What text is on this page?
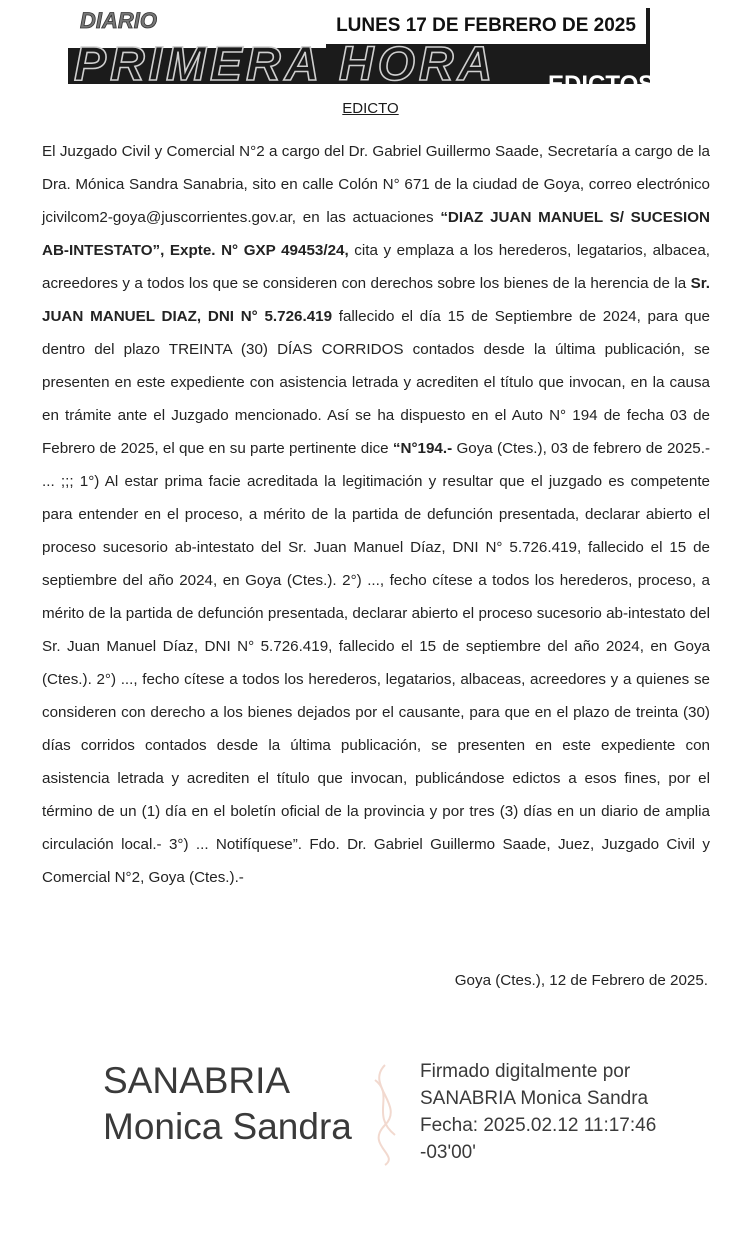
DIARIO
PRIMERA HORA EDICTOS
LUNES 17 DE FEBRERO DE 2025
EDICTO
El Juzgado Civil y Comercial N°2 a cargo del Dr. Gabriel Guillermo Saade, Secretaría a cargo de la Dra. Mónica Sandra Sanabria, sito en calle Colón N° 671 de la ciudad de Goya, correo electrónico jcivilcom2-goya@juscorrientes.gov.ar, en las actuaciones “DIAZ JUAN MANUEL S/ SUCESION AB-INTESTATO”, Expte. N° GXP 49453/24, cita y emplaza a los herederos, legatarios, albacea, acreedores y a todos los que se consideren con derechos sobre los bienes de la herencia de la Sr. JUAN MANUEL DIAZ, DNI N° 5.726.419 fallecido el día 15 de Septiembre de 2024, para que dentro del plazo TREINTA (30) DÍAS CORRIDOS contados desde la última publicación, se presenten en este expediente con asistencia letrada y acrediten el título que invocan, en la causa en trámite ante el Juzgado mencionado. Así se ha dispuesto en el Auto N° 194 de fecha 03 de Febrero de 2025, el que en su parte pertinente dice “N°194.- Goya (Ctes.), 03 de febrero de 2025.- ... ;;; 1°) Al estar prima facie acreditada la legitimación y resultar que el juzgado es competente para entender en el proceso, a mérito de la partida de defunción presentada, declarar abierto el proceso sucesorio ab-intestato del Sr. Juan Manuel Díaz, DNI N° 5.726.419, fallecido el 15 de septiembre del año 2024, en Goya (Ctes.). 2°) ..., fecho cítese a todos los herederos, proceso, a mérito de la partida de defunción presentada, declarar abierto el proceso sucesorio ab-intestato del Sr. Juan Manuel Díaz, DNI N° 5.726.419, fallecido el 15 de septiembre del año 2024, en Goya (Ctes.). 2°) ..., fecho cítese a todos los herederos, legatarios, albaceas, acreedores y a quienes se consideren con derecho a los bienes dejados por el causante, para que en el plazo de treinta (30) días corridos contados desde la última publicación, se presenten en este expediente con asistencia letrada y acrediten el título que invocan, publicándose edictos a esos fines, por el término de un (1) día en el boletín oficial de la provincia y por tres (3) días en un diario de amplia circulación local.- 3°) ... Notifíquese”. Fdo. Dr. Gabriel Guillermo Saade, Juez, Juzgado Civil y Comercial N°2, Goya (Ctes.).-
Goya (Ctes.), 12 de Febrero de 2025.
SANABRIA
Monica Sandra
Firmado digitalmente por
SANABRIA Monica Sandra
Fecha: 2025.02.12 11:17:46
-03'00'
